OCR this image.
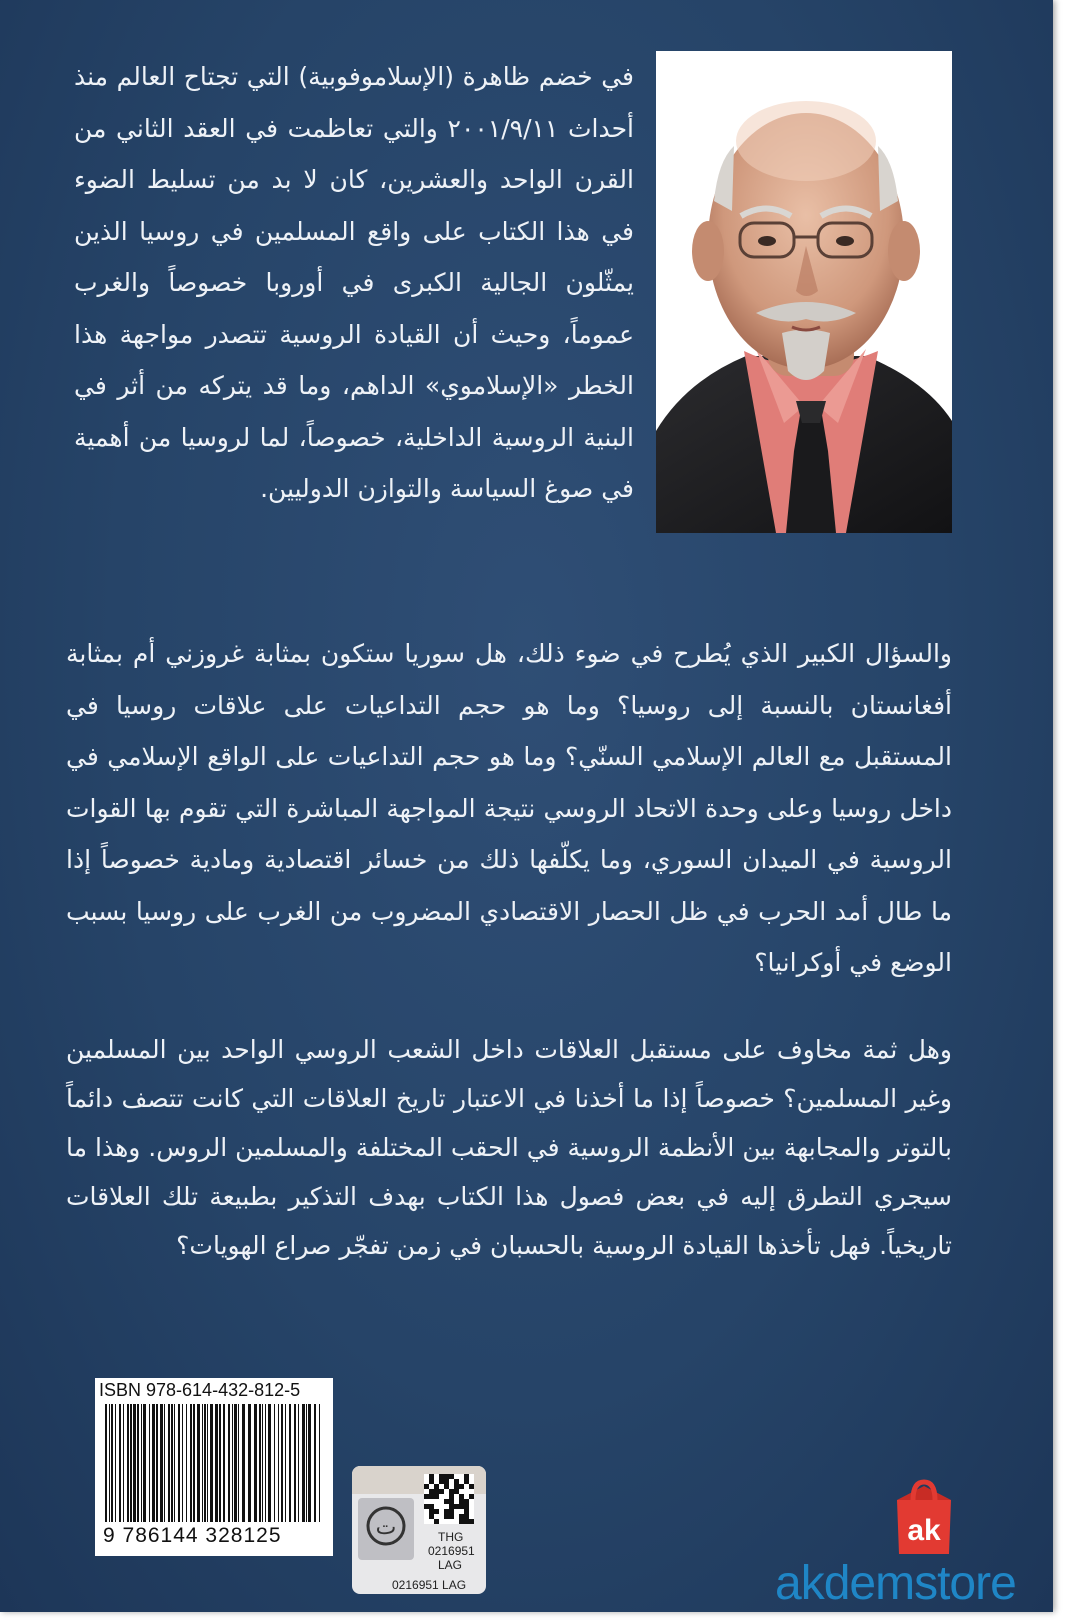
في خضم ظاهرة (الإسلاموفوبية) التي تجتاح العالم منذ أحداث ٢٠٠١/٩/١١ والتي تعاظمت في العقد الثاني من القرن الواحد والعشرين، كان لا بد من تسليط الضوء في هذا الكتاب على واقع المسلمين في روسيا الذين يمثّلون الجالية الكبرى في أوروبا خصوصاً والغرب عموماً، وحيث أن القيادة الروسية تتصدر مواجهة هذا الخطر «الإسلاموي» الداهم، وما قد يتركه من أثر في البنية الروسية الداخلية، خصوصاً، لما لروسيا من أهمية في صوغ السياسة والتوازن الدوليين.

والسؤال الكبير الذي يُطرح في ضوء ذلك، هل سوريا ستكون بمثابة غروزني أم بمثابة أفغانستان بالنسبة إلى روسيا؟ وما هو حجم التداعيات على علاقات روسيا في المستقبل مع العالم الإسلامي السنّي؟ وما هو حجم التداعيات على الواقع الإسلامي في داخل روسيا وعلى وحدة الاتحاد الروسي نتيجة المواجهة المباشرة التي تقوم بها القوات الروسية في الميدان السوري، وما يكلّفها ذلك من خسائر اقتصادية ومادية خصوصاً إذا ما طال أمد الحرب في ظل الحصار الاقتصادي المضروب من الغرب على روسيا بسبب الوضع في أوكرانيا؟

وهل ثمة مخاوف على مستقبل العلاقات داخل الشعب الروسي الواحد بين المسلمين وغير المسلمين؟ خصوصاً إذا ما أخذنا في الاعتبار تاريخ العلاقات التي كانت تتصف دائماً بالتوتر والمجابهة بين الأنظمة الروسية في الحقب المختلفة والمسلمين الروس. وهذا ما سيجري التطرق إليه في بعض فصول هذا الكتاب بهدف التذكير بطبيعة تلك العلاقات تاريخياً. فهل تأخذها القيادة الروسية بالحسبان في زمن تفجّر صراع الهويات؟

ISBN 978-614-432-812-5
9 786144 328125	ت	THG
0216951
LAG
0216951 LAG
ak
akdemstore
